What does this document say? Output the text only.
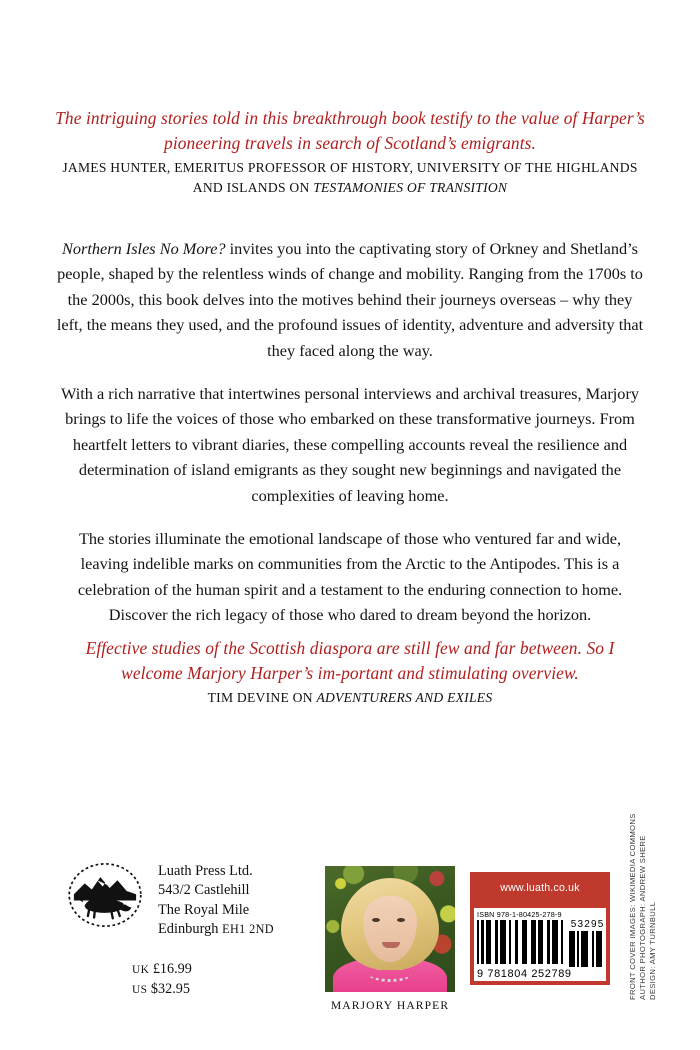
The intriguing stories told in this breakthrough book testify to the value of Harper’s pioneering travels in search of Scotland’s emigrants.
JAMES HUNTER, EMERITUS PROFESSOR OF HISTORY, UNIVERSITY OF THE HIGHLANDS AND ISLANDS ON TESTAMONIES OF TRANSITION

Northern Isles No More? invites you into the captivating story of Orkney and Shetland’s people, shaped by the relentless winds of change and mobility. Ranging from the 1700s to the 2000s, this book delves into the motives behind their journeys overseas – why they left, the means they used, and the profound issues of identity, adventure and adversity that they faced along the way.

With a rich narrative that intertwines personal interviews and archival treasures, Marjory brings to life the voices of those who embarked on these transformative journeys. From heartfelt letters to vibrant diaries, these compelling accounts reveal the resilience and determination of island emigrants as they sought new beginnings and navigated the complexities of leaving home.

The stories illuminate the emotional landscape of those who ventured far and wide, leaving indelible marks on communities from the Arctic to the Antipodes. This is a celebration of the human spirit and a testament to the enduring connection to home. Discover the rich legacy of those who dared to dream beyond the horizon.

Effective studies of the Scottish diaspora are still few and far between. So I welcome Marjory Harper’s im-portant and stimulating overview.
TIM DEVINE ON ADVENTURERS AND EXILES
Luath Press Ltd.
543/2 Castlehill
The Royal Mile
Edinburgh EH1 2ND
UK £16.99
US $32.95
MARJORY HARPER
www.luath.co.uk
ISBN 978-1-80425-278-9
53295
9 781804 252789	DESIGN: AMY TURNBULL
AUTHOR PHOTOGRAPH: ANDREW SHERE
FRONT COVER IMAGES: WIKIMEDIA COMMONS
